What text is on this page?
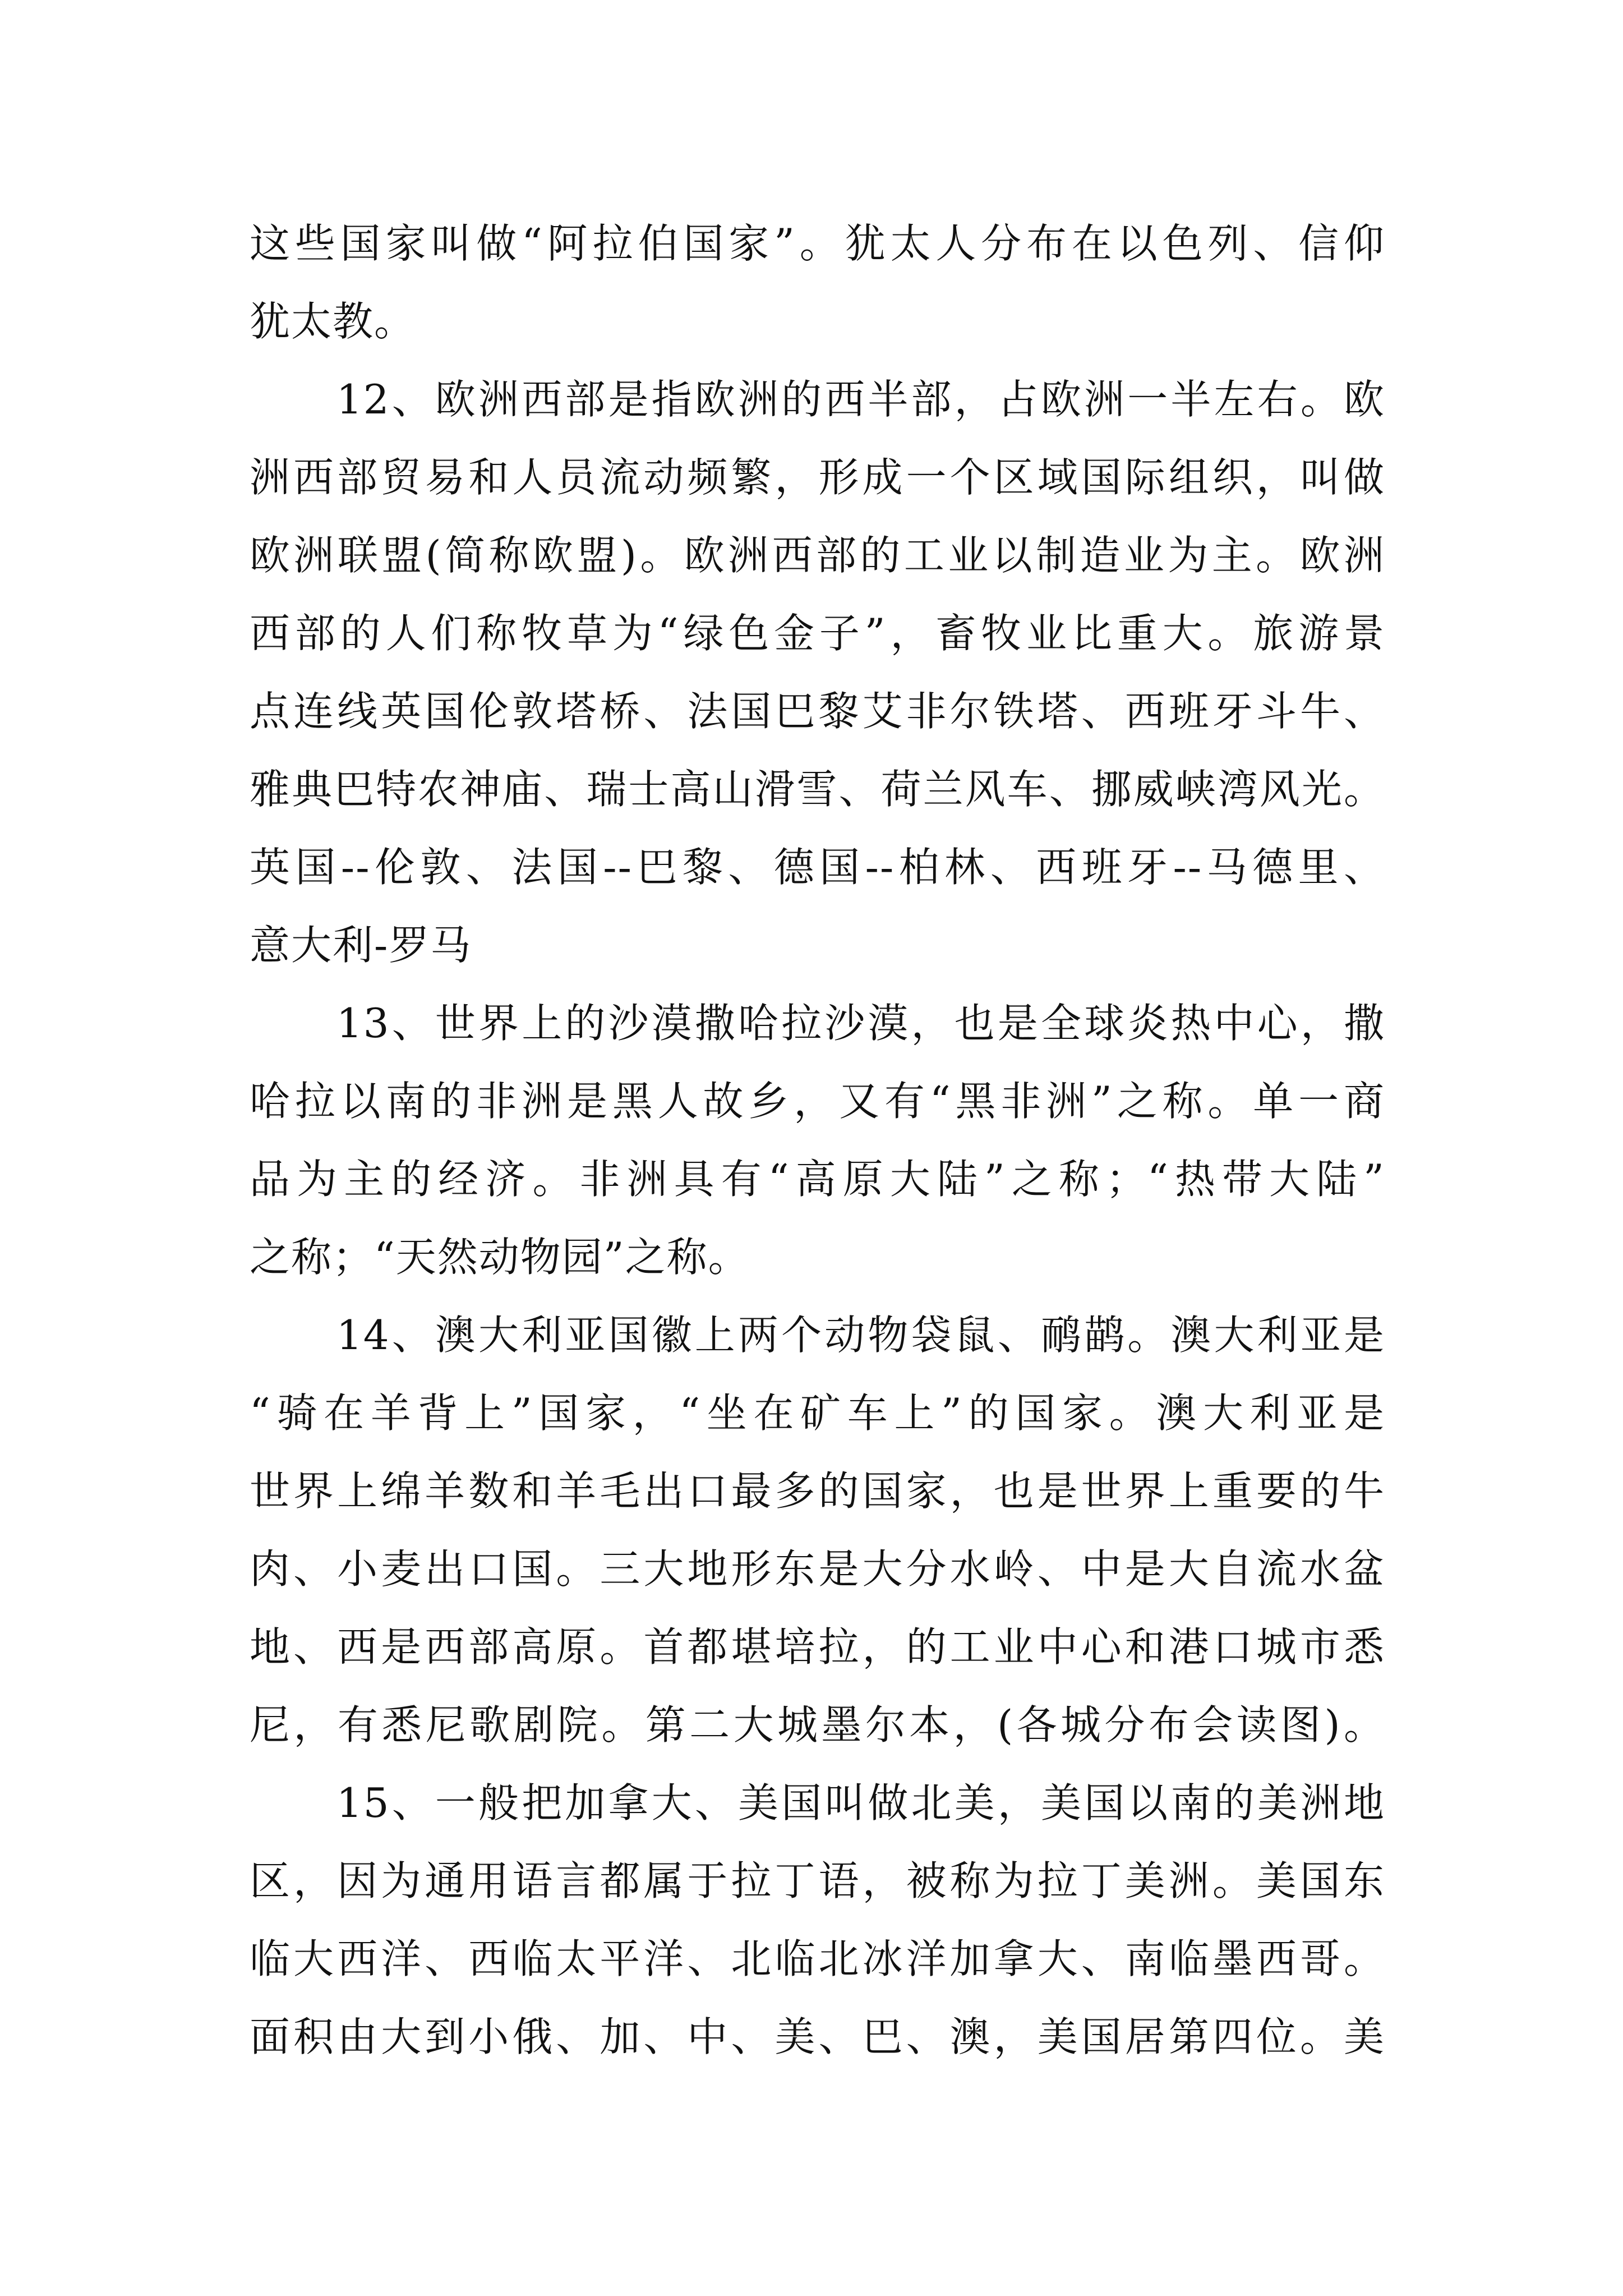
这些国家叫做“阿拉伯国家”。犹太人分布在以色列、信仰
犹太教。
12、欧洲西部是指欧洲的西半部，占欧洲一半左右。欧
洲西部贸易和人员流动频繁，形成一个区域国际组织，叫做
欧洲联盟(简称欧盟)。欧洲西部的工业以制造业为主。欧洲
西部的人们称牧草为“绿色金子”，畜牧业比重大。旅游景
点连线英国伦敦塔桥、法国巴黎艾非尔铁塔、西班牙斗牛、
雅典巴特农神庙、瑞士高山滑雪、荷兰风车、挪威峡湾风光。
英国--伦敦、法国--巴黎、德国--柏林、西班牙--马德里、
意大利-罗马
13、世界上的沙漠撒哈拉沙漠，也是全球炎热中心，撒
哈拉以南的非洲是黑人故乡，又有“黑非洲”之称。单一商
品为主的经济。非洲具有“高原大陆”之称；“热带大陆”
之称；“天然动物园”之称。
14、澳大利亚国徽上两个动物袋鼠、鸸鹋。澳大利亚是
“骑在羊背上”国家，“坐在矿车上”的国家。澳大利亚是
世界上绵羊数和羊毛出口最多的国家，也是世界上重要的牛
肉、小麦出口国。三大地形东是大分水岭、中是大自流水盆
地、西是西部高原。首都堪培拉，的工业中心和港口城市悉
尼，有悉尼歌剧院。第二大城墨尔本，(各城分布会读图)。
15、一般把加拿大、美国叫做北美，美国以南的美洲地
区，因为通用语言都属于拉丁语，被称为拉丁美洲。美国东
临大西洋、西临太平洋、北临北冰洋加拿大、南临墨西哥。
面积由大到小俄、加、中、美、巴、澳，美国居第四位。美
